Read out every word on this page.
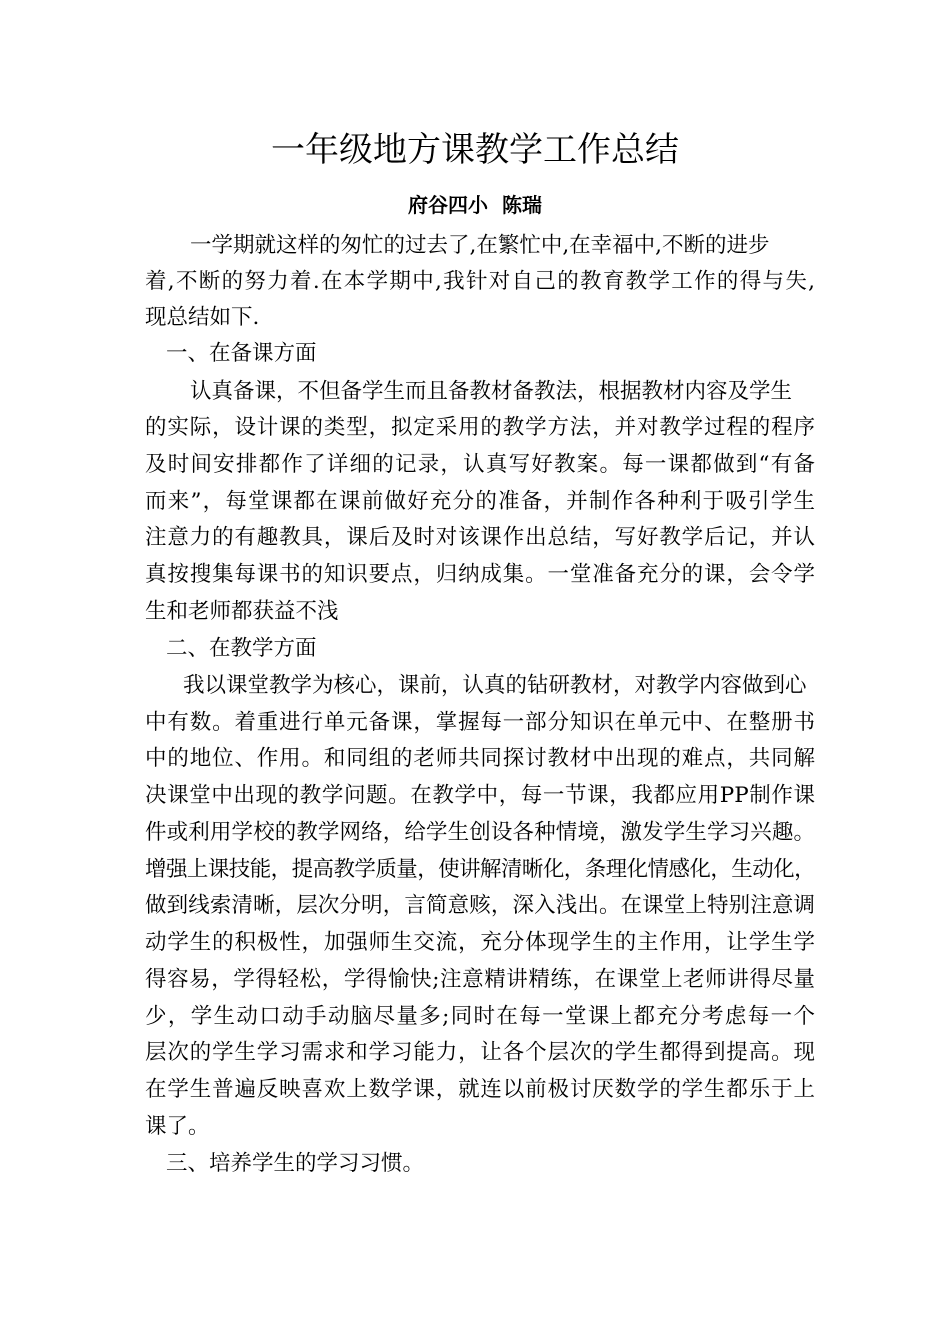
一年级地方课教学工作总结
府谷四小  陈瑞
一学期就这样的匆忙的过去了,在繁忙中,在幸福中,不断的进步
着,不断的努力着.在本学期中,我针对自己的教育教学工作的得与失,
现总结如下.
一、在备课方面
认真备课，不但备学生而且备教材备教法，根据教材内容及学生
的实际，设计课的类型，拟定采用的教学方法，并对教学过程的程序
及时间安排都作了详细的记录，认真写好教案。每一课都做到“有备
而来”，每堂课都在课前做好充分的准备，并制作各种利于吸引学生
注意力的有趣教具，课后及时对该课作出总结，写好教学后记，并认
真按搜集每课书的知识要点，归纳成集。一堂准备充分的课，会令学
生和老师都获益不浅
二、在教学方面
我以课堂教学为核心，课前，认真的钻研教材，对教学内容做到心
中有数。着重进行单元备课，掌握每一部分知识在单元中、在整册书
中的地位、作用。和同组的老师共同探讨教材中出现的难点，共同解
决课堂中出现的教学问题。在教学中，每一节课，我都应用PP制作课
件或利用学校的教学网络，给学生创设各种情境，激发学生学习兴趣。
增强上课技能，提高教学质量，使讲解清晰化，条理化情感化，生动化，
做到线索清晰，层次分明，言简意赅，深入浅出。在课堂上特别注意调
动学生的积极性，加强师生交流，充分体现学生的主作用，让学生学
得容易，学得轻松，学得愉快;注意精讲精练，在课堂上老师讲得尽量
少，学生动口动手动脑尽量多;同时在每一堂课上都充分考虑每一个
层次的学生学习需求和学习能力，让各个层次的学生都得到提高。现
在学生普遍反映喜欢上数学课，就连以前极讨厌数学的学生都乐于上
课了。
三、培养学生的学习习惯。
